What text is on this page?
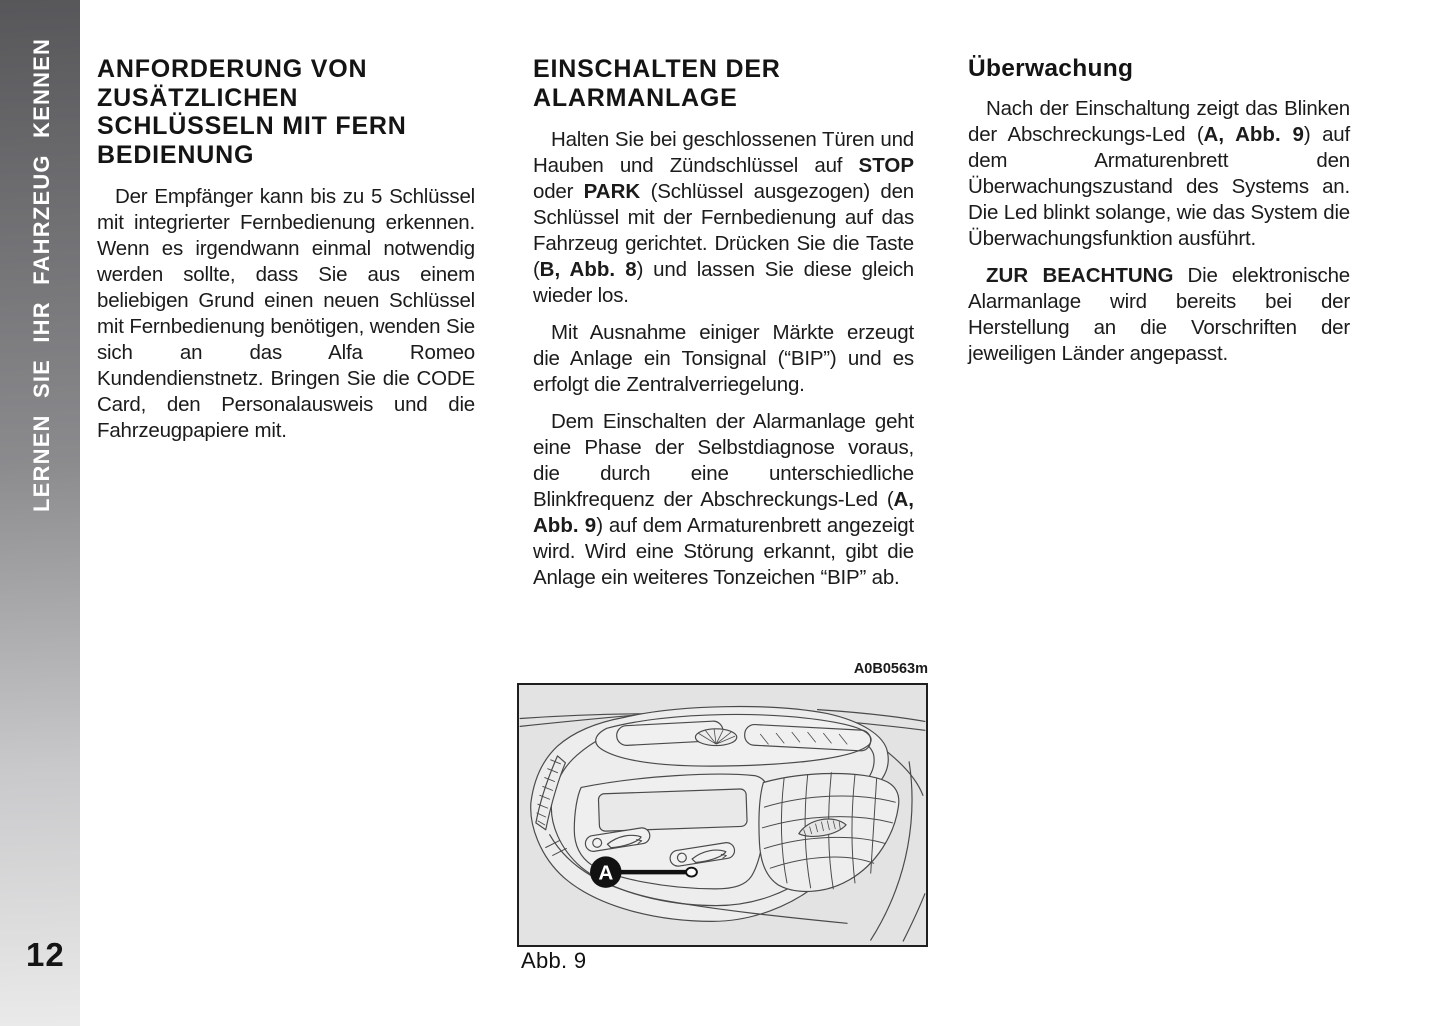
LERNEN SIE IHR FAHRZEUG KENNEN
12
ANFORDERUNG VON ZUSÄTZLICHEN SCHLÜSSELN MIT FERN BEDIENUNG

Der Empfänger kann bis zu 5 Schlüssel mit integrierter Fernbedienung erkennen. Wenn es irgendwann einmal notwendig werden sollte, dass Sie aus einem beliebigen Grund einen neuen Schlüssel mit Fernbedienung benötigen, wenden Sie sich an das Alfa Romeo Kundendienstnetz. Bringen Sie die CODE Card, den Personalausweis und die Fahrzeugpapiere mit.

EINSCHALTEN DER ALARMANLAGE

Halten Sie bei geschlossenen Türen und Hauben und Zündschlüssel auf STOP oder PARK (Schlüssel ausgezogen) den Schlüssel mit der Fernbedienung auf das Fahrzeug gerichtet. Drücken Sie die Taste (B, Abb. 8) und lassen Sie diese gleich wieder los.

Mit Ausnahme einiger Märkte erzeugt die Anlage ein Tonsignal (“BIP”) und es erfolgt die Zentralverriegelung.

Dem Einschalten der Alarmanlage geht eine Phase der Selbstdiagnose voraus, die durch eine unterschiedliche Blinkfrequenz der Abschreckungs-Led (A, Abb. 9) auf dem Armaturenbrett angezeigt wird. Wird eine Störung erkannt, gibt die Anlage ein weiteres Tonzeichen “BIP” ab.

Überwachung

Nach der Einschaltung zeigt das Blinken der Abschreckungs-Led (A, Abb. 9) auf dem Armaturenbrett den Überwachungszustand des Systems an. Die Led blinkt solange, wie das System die Überwachungsfunktion ausführt.

ZUR BEACHTUNG Die elektronische Alarmanlage wird bereits bei der Herstellung an die Vorschriften der jeweiligen Länder angepasst.

A0B0563m
A
Abb. 9
